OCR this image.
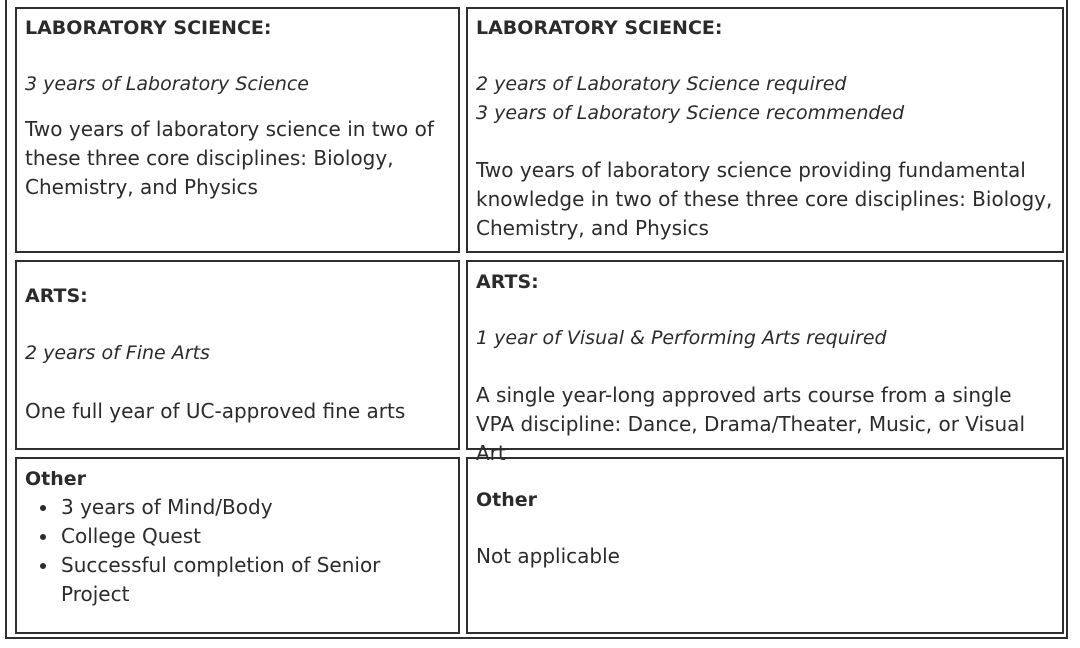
LABORATORY SCIENCE:

3 years of Laboratory Science

Two years of laboratory science in two of these three core disciplines: Biology, Chemistry, and Physics

LABORATORY SCIENCE:

2 years of Laboratory Science required

3 years of Laboratory Science recommended

Two years of laboratory science providing fundamental knowledge in two of these three core disciplines: Biology, Chemistry, and Physics

ARTS:

2 years of Fine Arts

One full year of UC-approved fine arts

ARTS:

1 year of Visual & Performing Arts required

A single year-long approved arts course from a single VPA discipline: Dance, Drama/Theater, Music, or Visual Art

Other

• 3 years of Mind/Body
• College Quest
• Successful completion of Senior Project

Other

Not applicable
